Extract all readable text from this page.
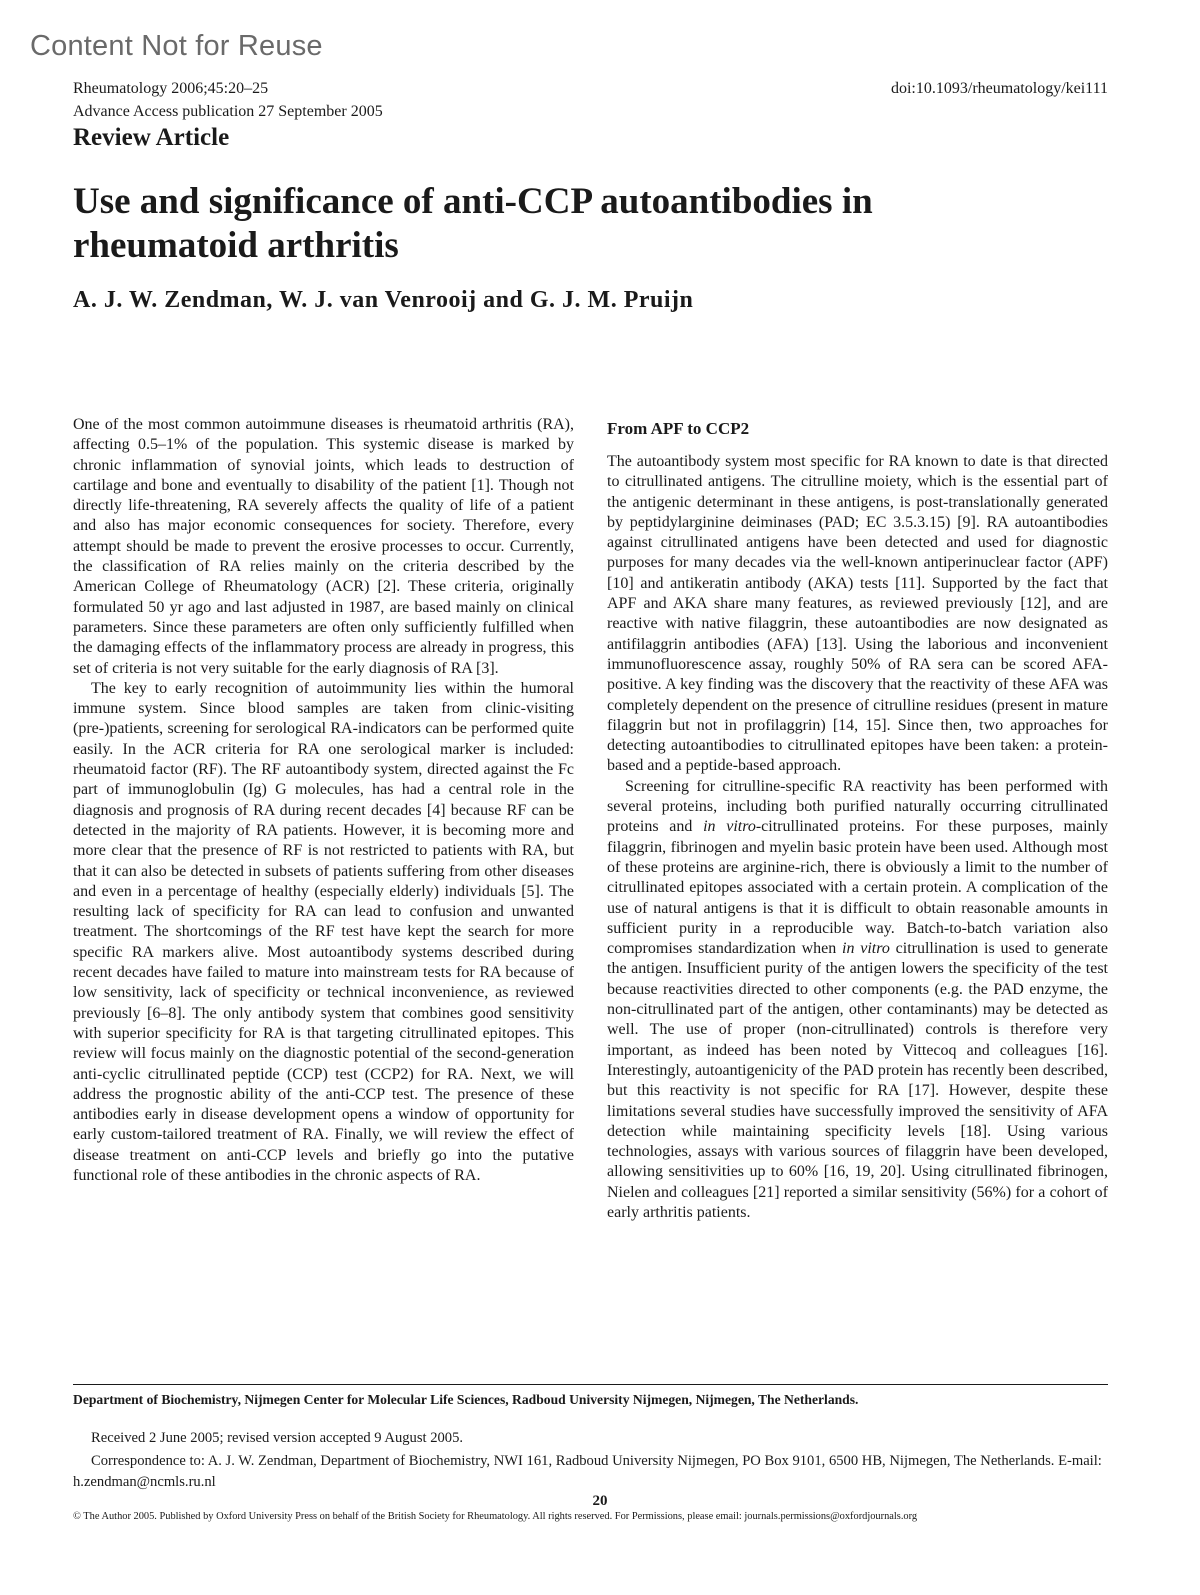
Content Not for Reuse
Rheumatology 2006;45:20–25
Advance Access publication 27 September 2005
doi:10.1093/rheumatology/kei111
Review Article
Use and significance of anti-CCP autoantibodies in rheumatoid arthritis
A. J. W. Zendman, W. J. van Venrooij and G. J. M. Pruijn

One of the most common autoimmune diseases is rheumatoid arthritis (RA), affecting 0.5–1% of the population. This systemic disease is marked by chronic inflammation of synovial joints, which leads to destruction of cartilage and bone and eventually to disability of the patient [1]. Though not directly life-threatening, RA severely affects the quality of life of a patient and also has major economic consequences for society. Therefore, every attempt should be made to prevent the erosive processes to occur. Currently, the classification of RA relies mainly on the criteria described by the American College of Rheumatology (ACR) [2]. These criteria, originally formulated 50 yr ago and last adjusted in 1987, are based mainly on clinical parameters. Since these parameters are often only sufficiently fulfilled when the damaging effects of the inflammatory process are already in progress, this set of criteria is not very suitable for the early diagnosis of RA [3].

The key to early recognition of autoimmunity lies within the humoral immune system. Since blood samples are taken from clinic-visiting (pre-)patients, screening for serological RA-indicators can be performed quite easily. In the ACR criteria for RA one serological marker is included: rheumatoid factor (RF). The RF autoantibody system, directed against the Fc part of immunoglobulin (Ig) G molecules, has had a central role in the diagnosis and prognosis of RA during recent decades [4] because RF can be detected in the majority of RA patients. However, it is becoming more and more clear that the presence of RF is not restricted to patients with RA, but that it can also be detected in subsets of patients suffering from other diseases and even in a percentage of healthy (especially elderly) individuals [5]. The resulting lack of specificity for RA can lead to confusion and unwanted treatment. The shortcomings of the RF test have kept the search for more specific RA markers alive. Most autoantibody systems described during recent decades have failed to mature into mainstream tests for RA because of low sensitivity, lack of specificity or technical inconvenience, as reviewed previously [6–8]. The only antibody system that combines good sensitivity with superior specificity for RA is that targeting citrullinated epitopes. This review will focus mainly on the diagnostic potential of the second-generation anti-cyclic citrullinated peptide (CCP) test (CCP2) for RA. Next, we will address the prognostic ability of the anti-CCP test. The presence of these antibodies early in disease development opens a window of opportunity for early custom-tailored treatment of RA. Finally, we will review the effect of disease treatment on anti-CCP levels and briefly go into the putative functional role of these antibodies in the chronic aspects of RA.

From APF to CCP2

The autoantibody system most specific for RA known to date is that directed to citrullinated antigens. The citrulline moiety, which is the essential part of the antigenic determinant in these antigens, is post-translationally generated by peptidylarginine deiminases (PAD; EC 3.5.3.15) [9]. RA autoantibodies against citrullinated antigens have been detected and used for diagnostic purposes for many decades via the well-known antiperinuclear factor (APF) [10] and antikeratin antibody (AKA) tests [11]. Supported by the fact that APF and AKA share many features, as reviewed previously [12], and are reactive with native filaggrin, these autoantibodies are now designated as antifilaggrin antibodies (AFA) [13]. Using the laborious and inconvenient immunofluorescence assay, roughly 50% of RA sera can be scored AFA-positive. A key finding was the discovery that the reactivity of these AFA was completely dependent on the presence of citrulline residues (present in mature filaggrin but not in profilaggrin) [14, 15]. Since then, two approaches for detecting autoantibodies to citrullinated epitopes have been taken: a protein-based and a peptide-based approach.

Screening for citrulline-specific RA reactivity has been performed with several proteins, including both purified naturally occurring citrullinated proteins and in vitro-citrullinated proteins. For these purposes, mainly filaggrin, fibrinogen and myelin basic protein have been used. Although most of these proteins are arginine-rich, there is obviously a limit to the number of citrullinated epitopes associated with a certain protein. A complication of the use of natural antigens is that it is difficult to obtain reasonable amounts in sufficient purity in a reproducible way. Batch-to-batch variation also compromises standardization when in vitro citrullination is used to generate the antigen. Insufficient purity of the antigen lowers the specificity of the test because reactivities directed to other components (e.g. the PAD enzyme, the non-citrullinated part of the antigen, other contaminants) may be detected as well. The use of proper (non-citrullinated) controls is therefore very important, as indeed has been noted by Vittecoq and colleagues [16]. Interestingly, autoantigenicity of the PAD protein has recently been described, but this reactivity is not specific for RA [17]. However, despite these limitations several studies have successfully improved the sensitivity of AFA detection while maintaining specificity levels [18]. Using various technologies, assays with various sources of filaggrin have been developed, allowing sensitivities up to 60% [16, 19, 20]. Using citrullinated fibrinogen, Nielen and colleagues [21] reported a similar sensitivity (56%) for a cohort of early arthritis patients.

Department of Biochemistry, Nijmegen Center for Molecular Life Sciences, Radboud University Nijmegen, Nijmegen, The Netherlands.
Received 2 June 2005; revised version accepted 9 August 2005.
Correspondence to: A. J. W. Zendman, Department of Biochemistry, NWI 161, Radboud University Nijmegen, PO Box 9101, 6500 HB, Nijmegen, The Netherlands. E-mail: h.zendman@ncmls.ru.nl
20
© The Author 2005. Published by Oxford University Press on behalf of the British Society for Rheumatology. All rights reserved. For Permissions, please email: journals.permissions@oxfordjournals.org
